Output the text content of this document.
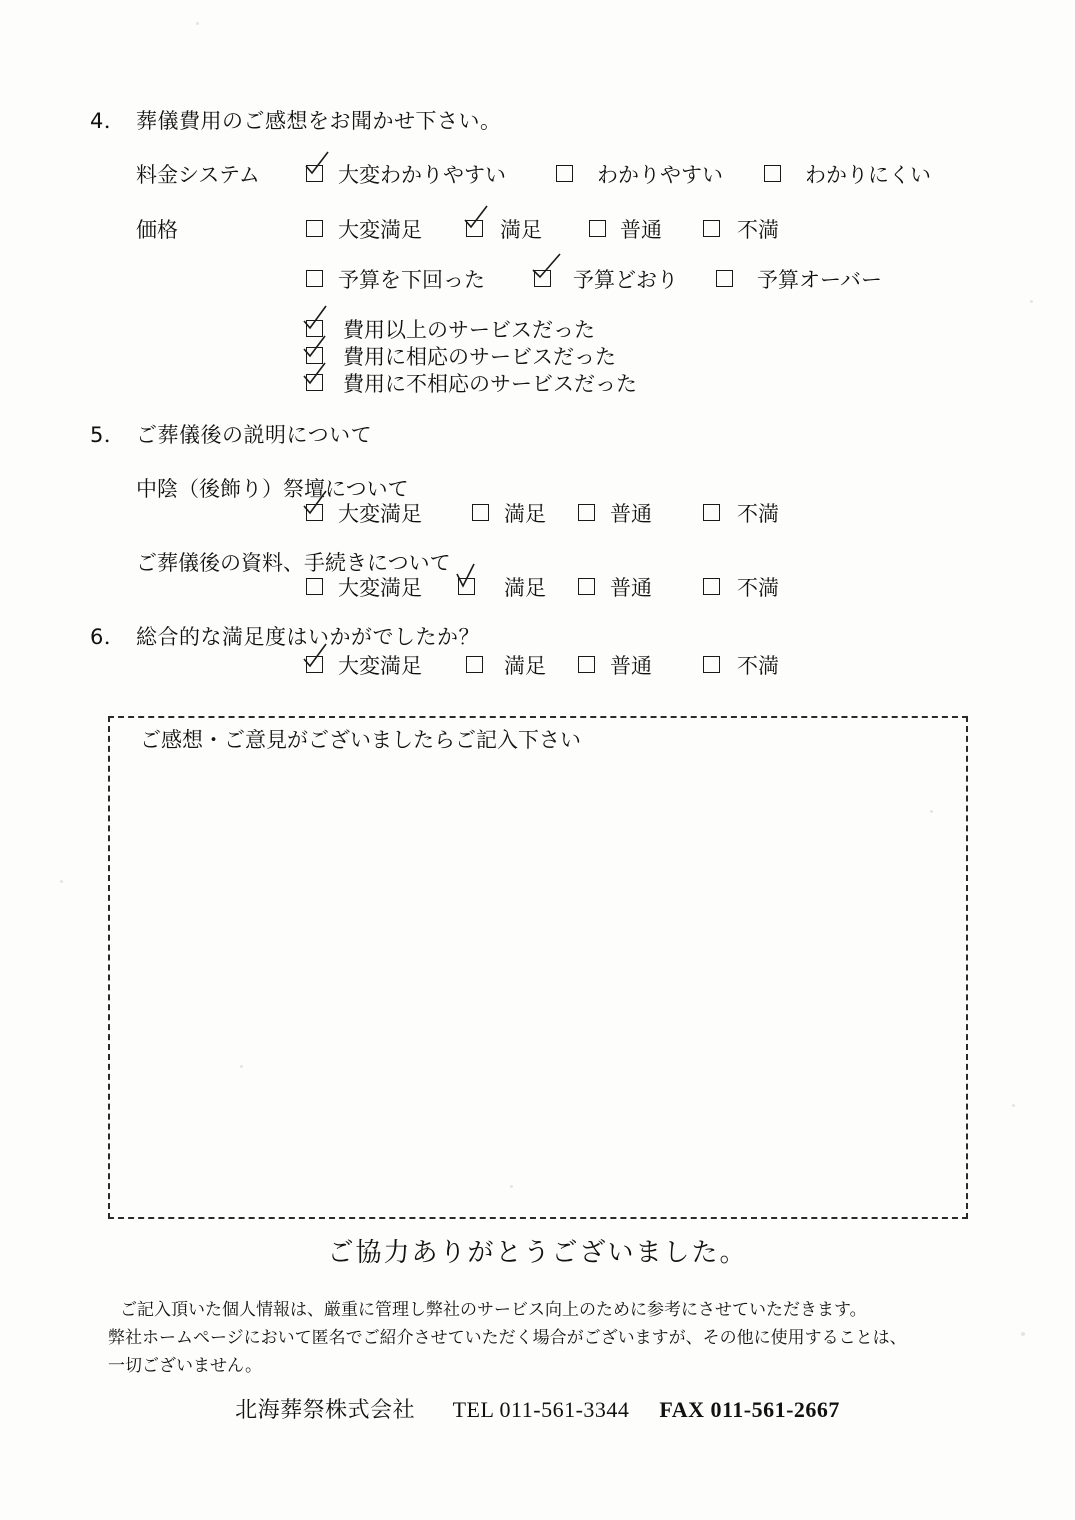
4． 葬儀費用のご感想をお聞かせ下さい。
料金システム	大変わかりやすい	わかりやすい	わかりにくい
価格	大変満足	満足	普通	不満
予算を下回った	予算どおり	予算オーバー
費用以上のサービスだった
費用に相応のサービスだった
費用に不相応のサービスだった
5． ご葬儀後の説明について
中陰（後飾り）祭壇について
大変満足	満足	普通	不満
ご葬儀後の資料、手続きについて
大変満足	満足	普通	不満
6． 総合的な満足度はいかがでしたか？
大変満足	満足	普通	不満
ご感想・ご意見がございましたらご記入下さい
ご協力ありがとうございました。
ご記入頂いた個人情報は、厳重に管理し弊社のサービス向上のために参考にさせていただきます。
弊社ホームページにおいて匿名でご紹介させていただく場合がございますが、その他に使用することは、
一切ございません。
北海葬祭株式会社 TEL 011-561-3344 FAX 011-561-2667
